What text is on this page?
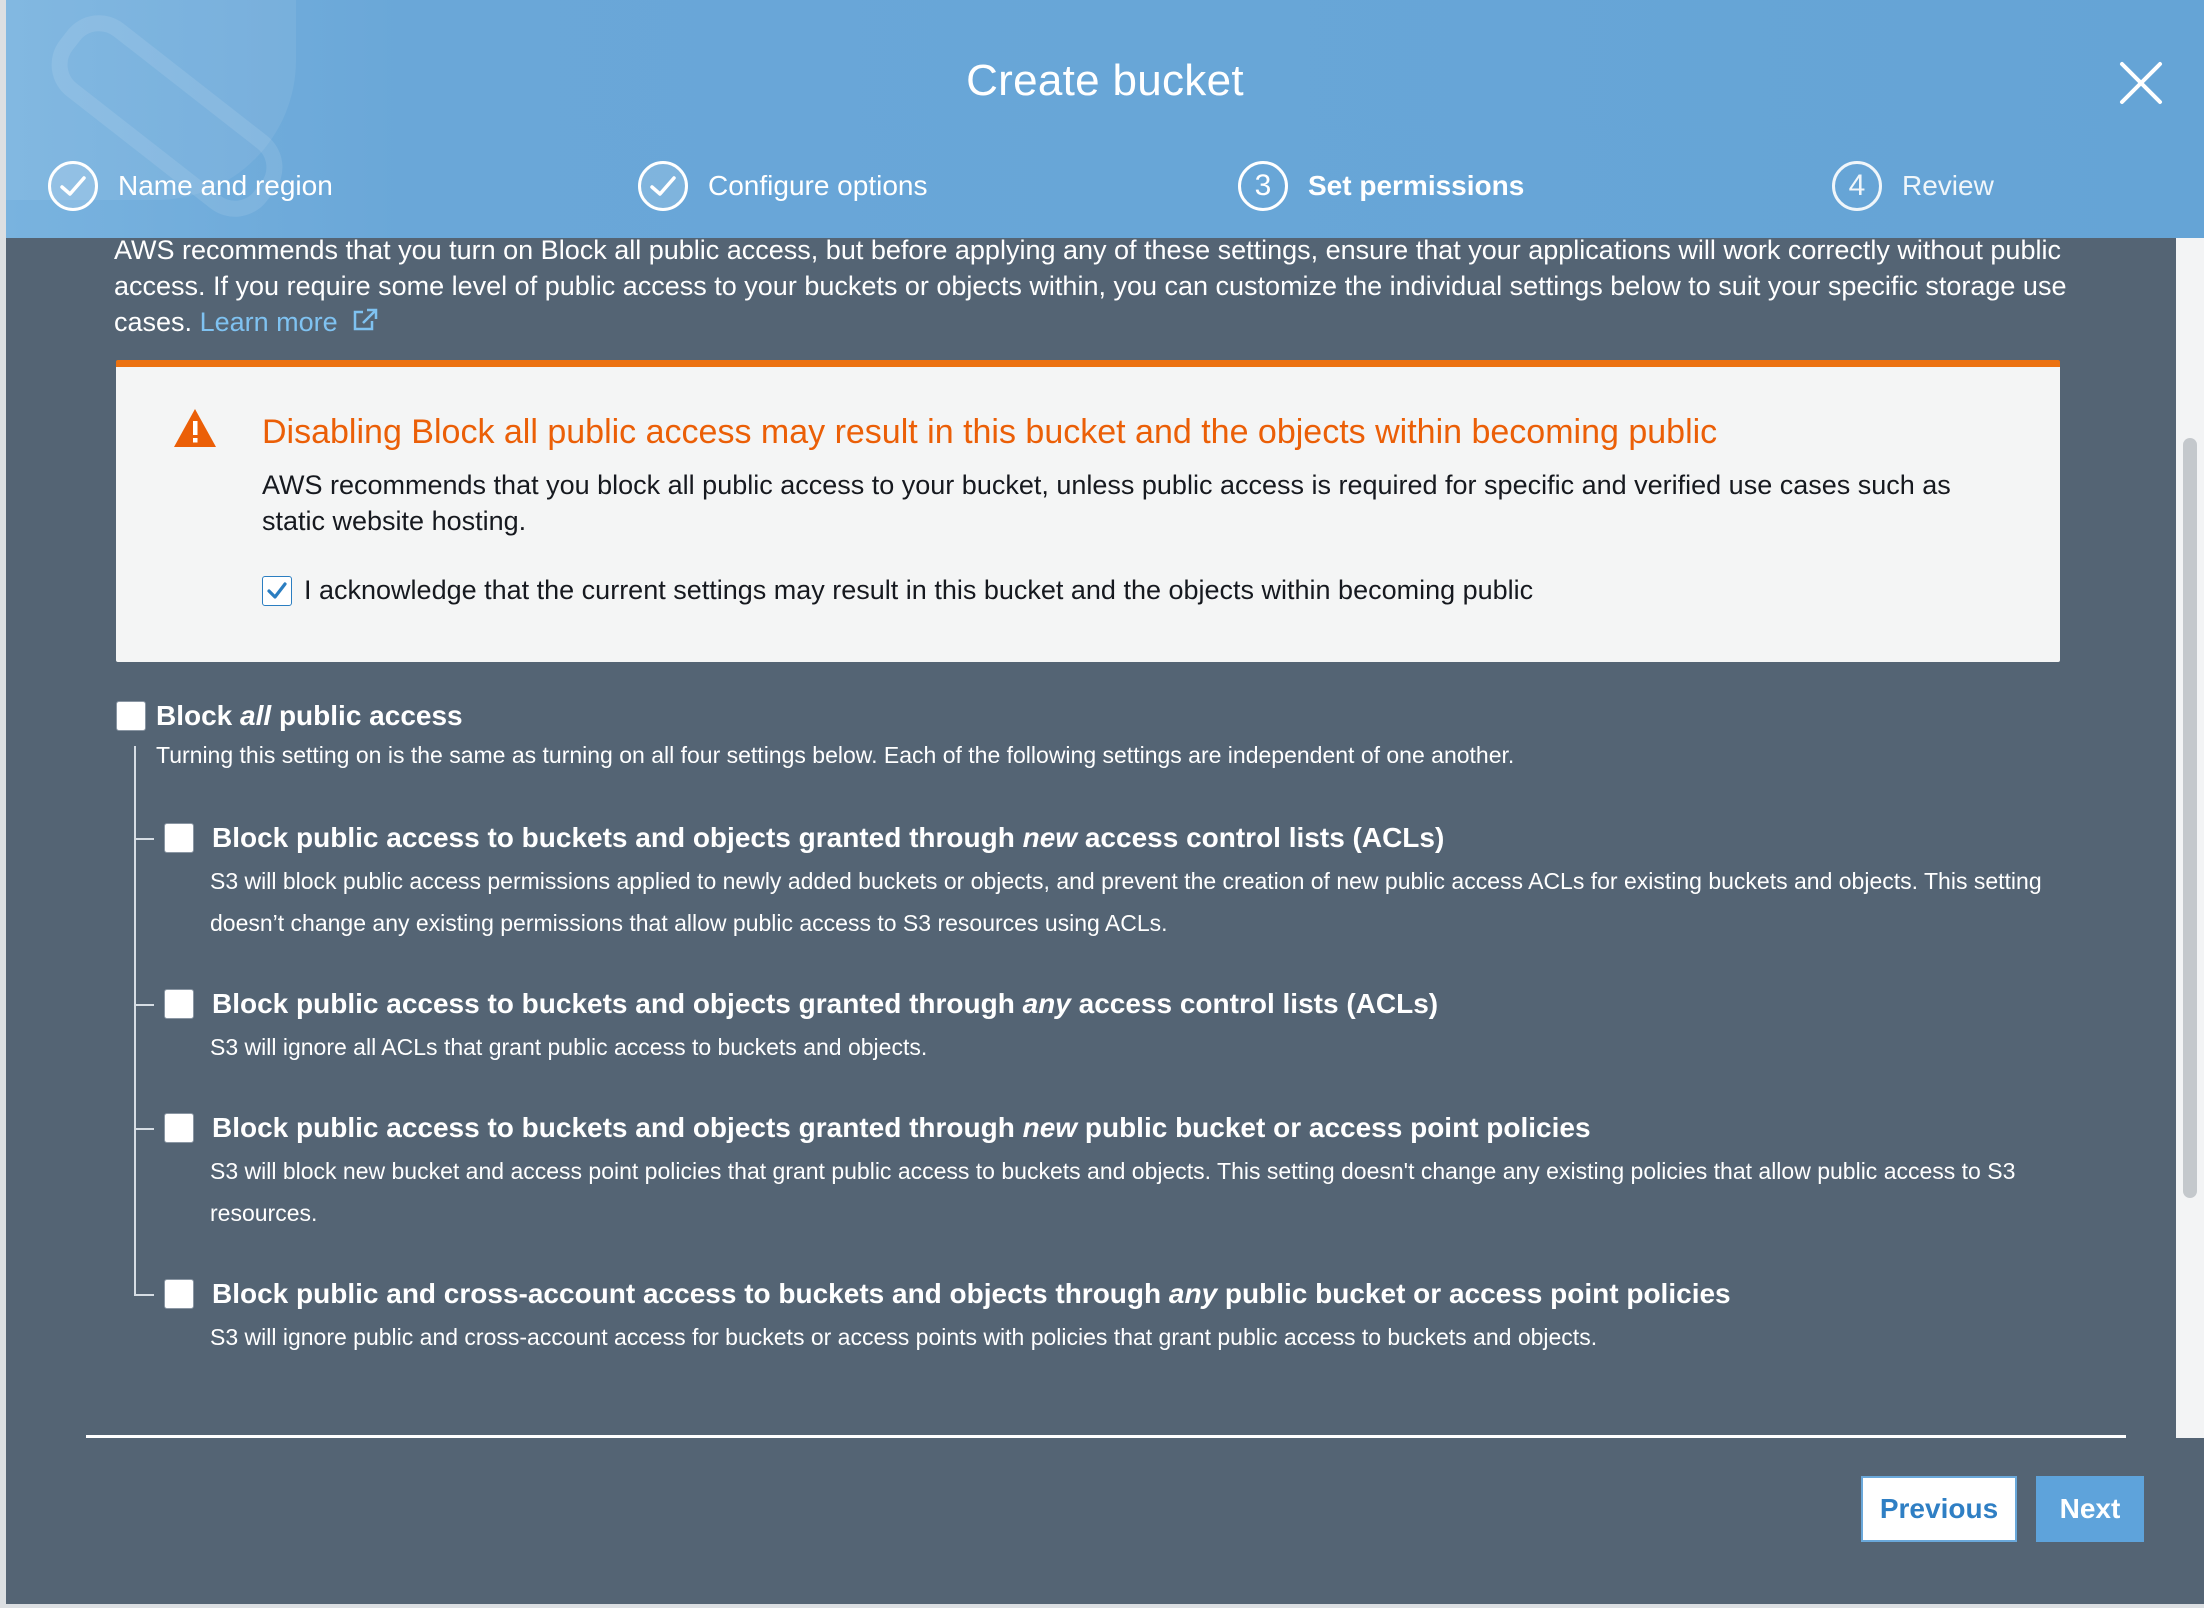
Create bucket
Name and region	Configure options	3	Set permissions	4	Review
AWS recommends that you turn on Block all public access, but before applying any of these settings, ensure that your applications will work correctly without public access. If you require some level of public access to your buckets or objects within, you can customize the individual settings below to suit your specific storage use cases. Learn more
Disabling Block all public access may result in this bucket and the objects within becoming public
AWS recommends that you block all public access to your bucket, unless public access is required for specific and verified use cases such as static website hosting.
I acknowledge that the current settings may result in this bucket and the objects within becoming public
Block all public access
Turning this setting on is the same as turning on all four settings below. Each of the following settings are independent of one another.
Block public access to buckets and objects granted through new access control lists (ACLs)
S3 will block public access permissions applied to newly added buckets or objects, and prevent the creation of new public access ACLs for existing buckets and objects. This setting doesn’t change any existing permissions that allow public access to S3 resources using ACLs.
Block public access to buckets and objects granted through any access control lists (ACLs)
S3 will ignore all ACLs that grant public access to buckets and objects.
Block public access to buckets and objects granted through new public bucket or access point policies
S3 will block new bucket and access point policies that grant public access to buckets and objects. This setting doesn't change any existing policies that allow public access to S3 resources.
Block public and cross-account access to buckets and objects through any public bucket or access point policies
S3 will ignore public and cross-account access for buckets or access points with policies that grant public access to buckets and objects.
Previous	Next
